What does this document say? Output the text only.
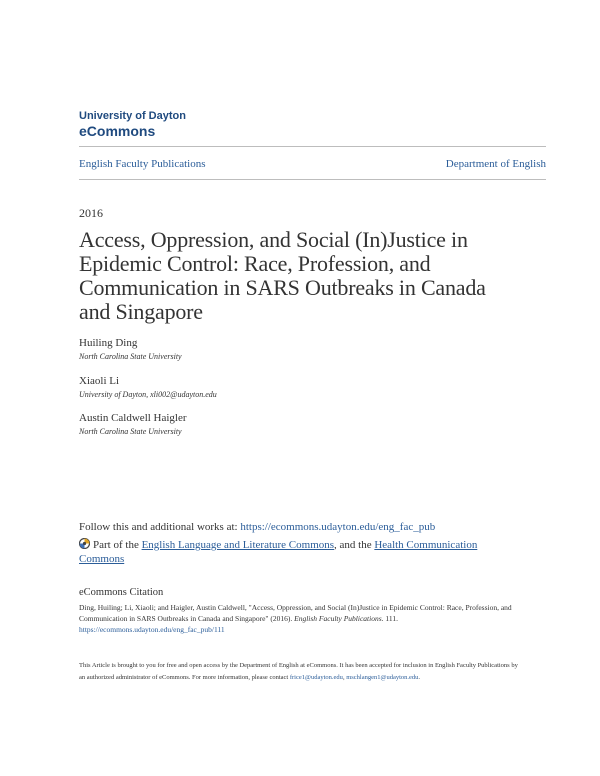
University of Dayton
eCommons
English Faculty Publications	Department of English
2016
Access, Oppression, and Social (In)Justice in Epidemic Control: Race, Profession, and Communication in SARS Outbreaks in Canada and Singapore
Huiling Ding
North Carolina State University
Xiaoli Li
University of Dayton, xli002@udayton.edu
Austin Caldwell Haigler
North Carolina State University
Follow this and additional works at: https://ecommons.udayton.edu/eng_fac_pub
Part of the English Language and Literature Commons, and the Health Communication Commons
eCommons Citation
Ding, Huiling; Li, Xiaoli; and Haigler, Austin Caldwell, "Access, Oppression, and Social (In)Justice in Epidemic Control: Race, Profession, and Communication in SARS Outbreaks in Canada and Singapore" (2016). English Faculty Publications. 111.
https://ecommons.udayton.edu/eng_fac_pub/111
This Article is brought to you for free and open access by the Department of English at eCommons. It has been accepted for inclusion in English Faculty Publications by an authorized administrator of eCommons. For more information, please contact frice1@udayton.edu, mschlangen1@udayton.edu.
